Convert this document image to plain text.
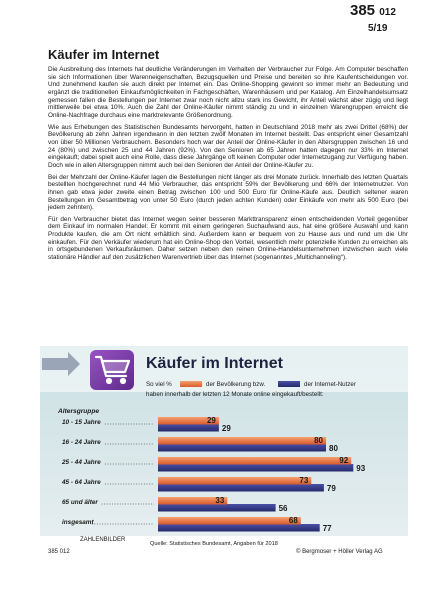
385 012
5/19
Käufer im Internet

Die Ausbreitung des Internets hat deutliche Veränderungen im Verhalten der Verbraucher zur Folge. Am Computer beschaffen sie sich Informationen über Warenneigenschaften, Bezugsquellen und Preise und bereiten so ihre Kaufentscheidungen vor. Und zunehmend kaufen sie auch direkt per Internet ein. Das Online-Shopping gewinnt so immer mehr an Bedeutung und ergänzt die traditionellen Einkaufsmöglichkeiten in Fachgeschäften, Warenhäusern und per Katalog. Am Einzelhandelsumsatz gemessen fallen die Bestellungen per Internet zwar noch nicht allzu stark ins Gewicht, ihr Anteil wächst aber zügig und liegt mittlerweile bei etwa 10%. Auch die Zahl der Online-Käufer nimmt ständig zu und in einzelnen Warengruppen erreicht die Online-Nachfrage durchaus eine marktrelevante Größenordnung.

Wie aus Erhebungen des Statistischen Bundesamts hervorgeht, hatten in Deutschland 2018 mehr als zwei Drittel (68%) der Bevölkerung ab zehn Jahren irgendwann in den letzten zwölf Monaten im Internet bestellt. Das entspricht einer Gesamtzahl von über 50 Millionen Verbrauchern. Besonders hoch war der Anteil der Online-Käufer in den Altersgruppen zwischen 16 und 24 (80%) und zwischen 25 und 44 Jahren (92%). Von den Senioren ab 65 Jahren hatten dagegen nur 33% im Internet eingekauft; dabei spielt auch eine Rolle, dass diese Jahrgänge oft keinen Computer oder Internetzugang zur Verfügung haben. Doch wie in allen Altersgruppen nimmt auch bei den Senioren der Anteil der Online-Käufer zu.

Bei der Mehrzahl der Online-Käufer lagen die Bestellungen nicht länger als drei Monate zurück. Innerhalb des letzten Quartals bestellten hochgerechnet rund 44 Mio Verbraucher, das entspricht 59% der Bevölkerung und 66% der Internetnutzer. Von ihnen gab etwa jeder zweite einen Betrag zwischen 100 und 500 Euro für Online-Käufe aus. Deutlich seltener waren Bestellungen im Gesamtbetrag von unter 50 Euro (durch jeden achten Kunden) oder Einkäufe von mehr als 500 Euro (bei jedem zehnten).

Für den Verbraucher bietet das Internet wegen seiner besseren Markttransparenz einen entscheidenden Vorteil gegenüber dem Einkauf im normalen Handel: Er kommt mit einem geringeren Suchaufwand aus, hat eine größere Auswahl und kann Produkte kaufen, die am Ort nicht erhältlich sind. Außerdem kann er bequem von zu Hause aus und rund um die Uhr einkaufen. Für den Verkäufer wiederum hat ein Online-Shop den Vorteil, wesentlich mehr potenzielle Kunden zu erreichen als in ortsgebundenen Verkaufsräumen. Daher setzen neben den reinen Online-Handelsunternehmen inzwischen auch viele stationäre Händler auf den zusätzlichen Warenvertrieb über das Internet (sogenanntes „Multichanneling“).

Käufer im Internet
So viel %	der Bevölkerung bzw.	der Internet-Nutzer
haben innerhalb der letzten 12 Monate online eingekauft/bestellt:
Altersgruppe
10 - 15 Jahre	29
29
16 - 24 Jahre	80
80
25 - 44 Jahre	92
93
45 - 64 Jahre	73
79
65 und älter	33
56
insgesamt	68
77
Quelle: Statistisches Bundesamt, Angaben für 2018
ZAHLENBILDER
385 012	© Bergmoser + Höller Verlag AG
